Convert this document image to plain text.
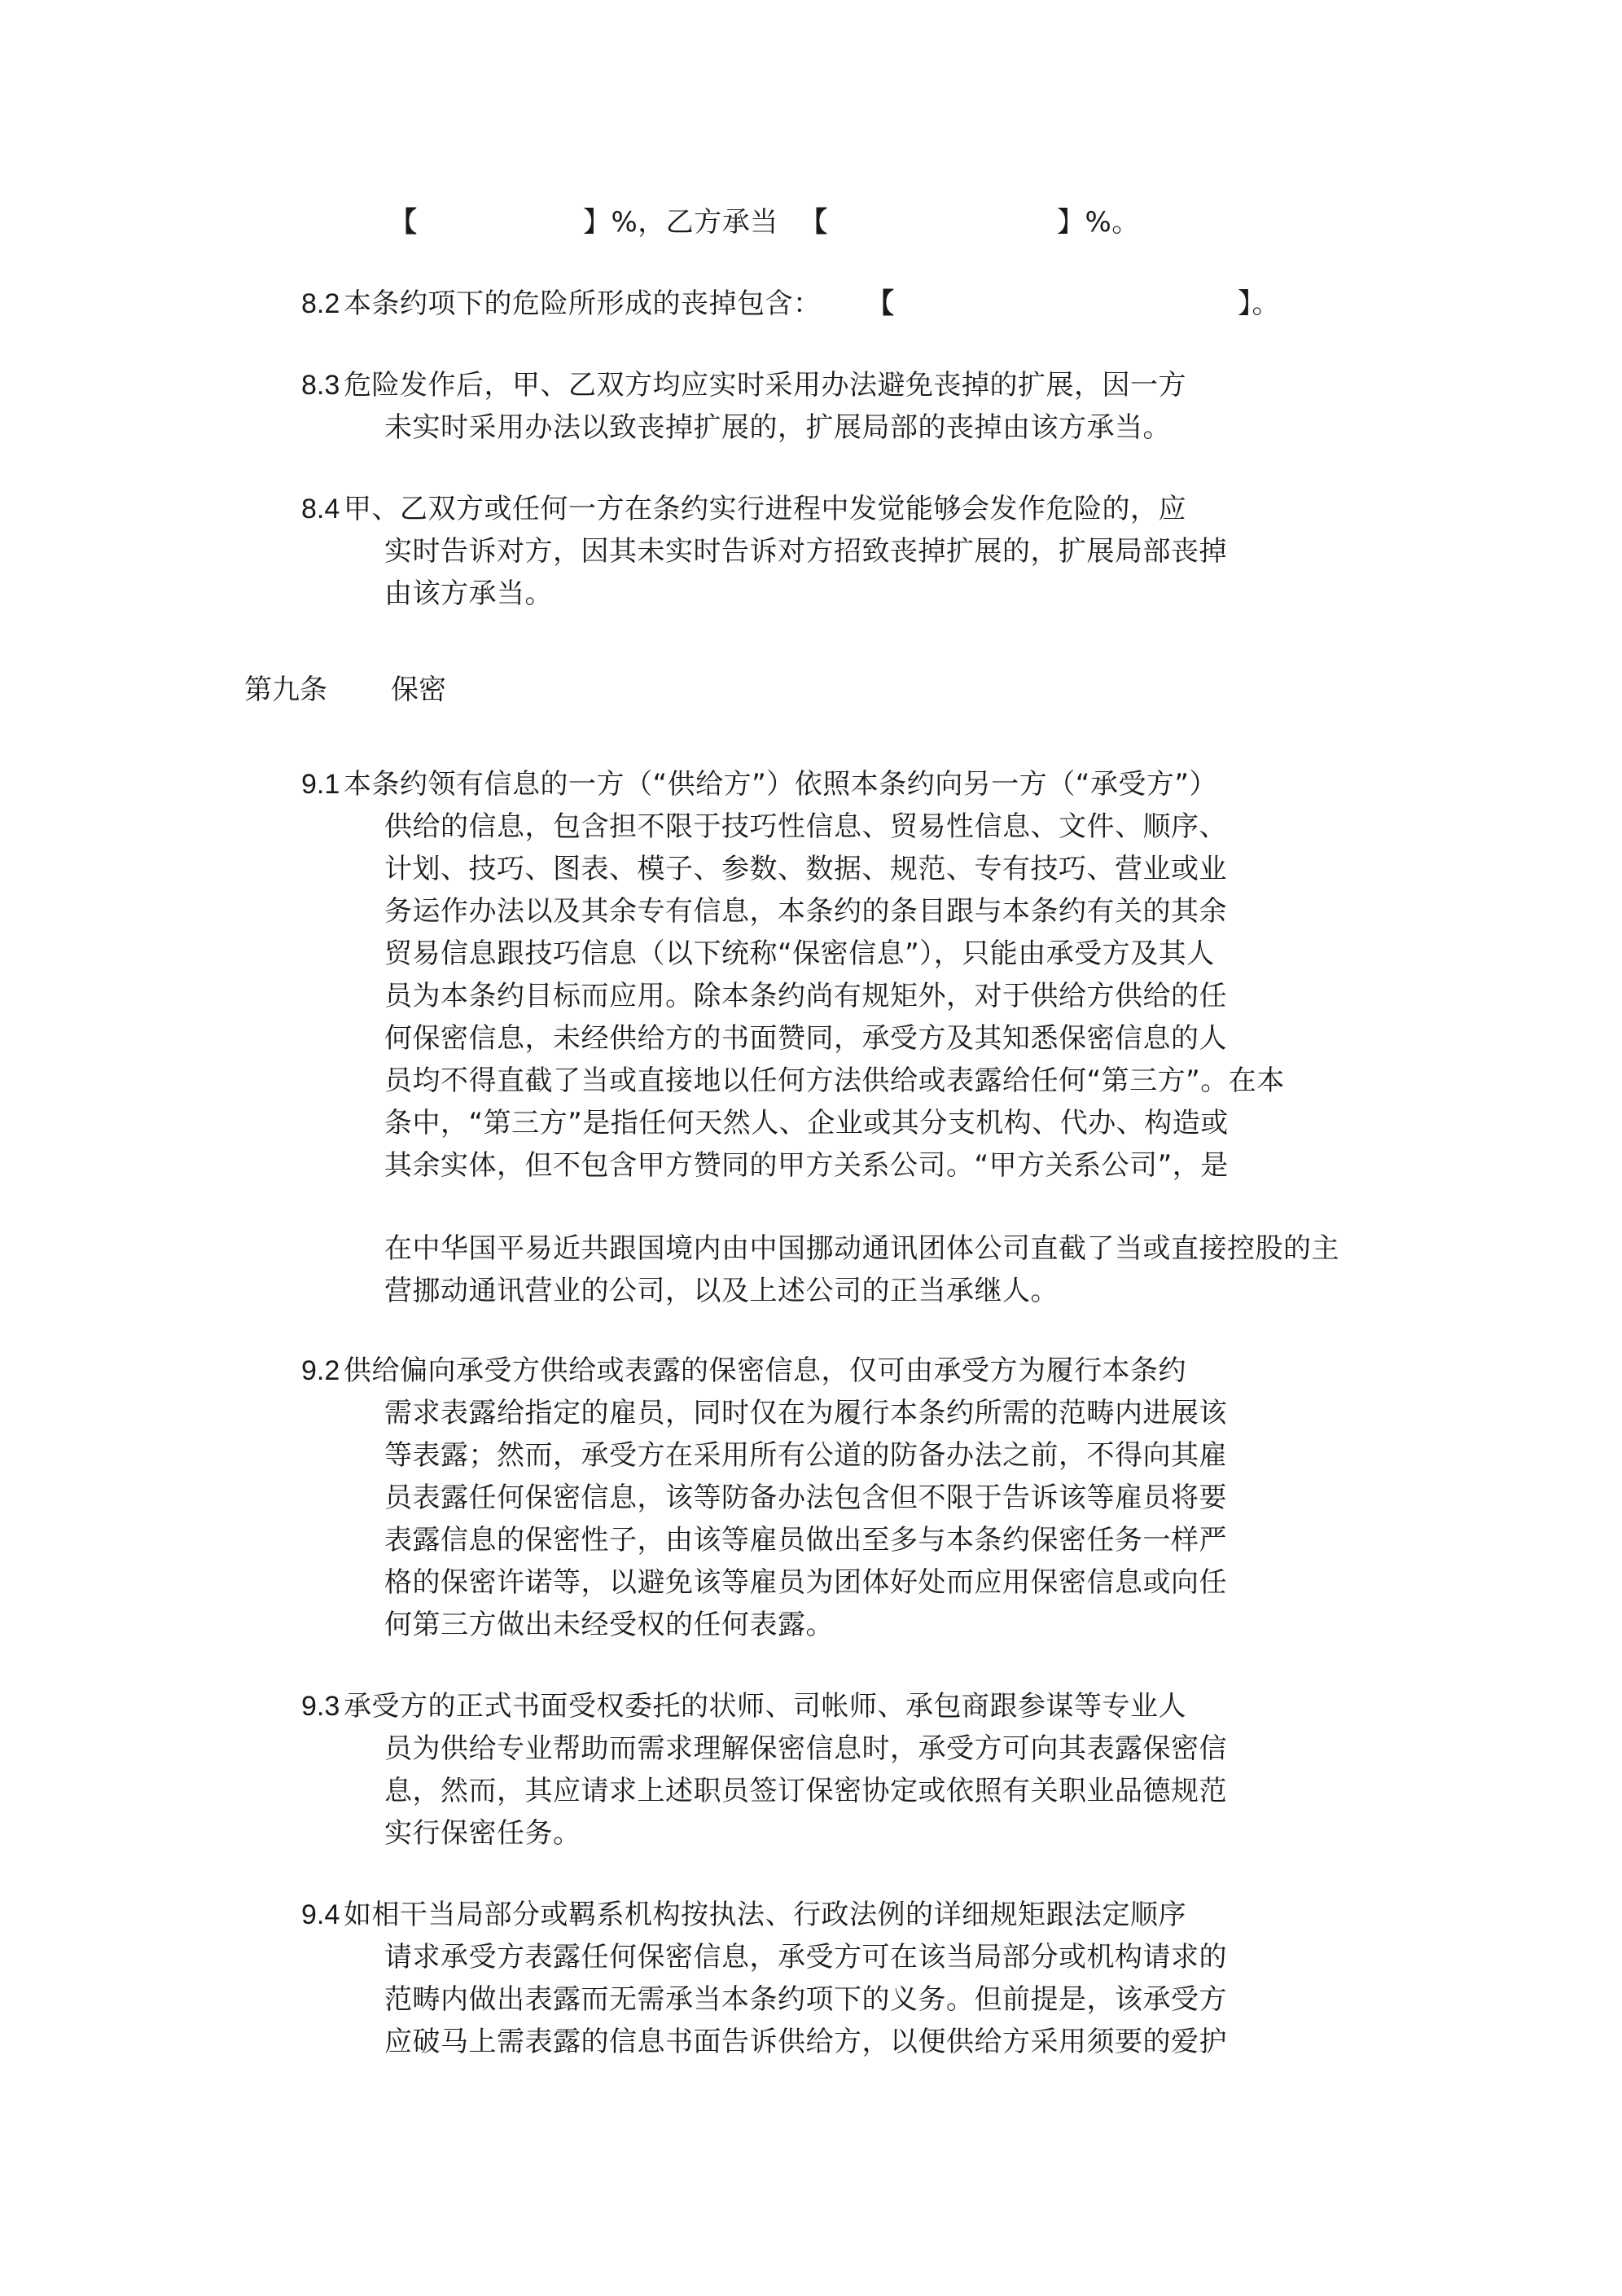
【	】%，乙方承当 【	】%。
8.2 本条约项下的危险所形成的丧掉包含： 【	】。
8.3 危险发作后，甲、乙双方均应实时采用办法避免丧掉的扩展，因一方
未实时采用办法以致丧掉扩展的，扩展局部的丧掉由该方承当。
8.4 甲、乙双方或任何一方在条约实行进程中发觉能够会发作危险的，应
实时告诉对方，因其未实时告诉对方招致丧掉扩展的，扩展局部丧掉
由该方承当。
第九条 保密
9.1 本条约领有信息的一方（“供给方”）依照本条约向另一方（“承受方”）
供给的信息，包含担不限于技巧性信息、贸易性信息、文件、顺序、
计划、技巧、图表、模子、参数、数据、规范、专有技巧、营业或业
务运作办法以及其余专有信息，本条约的条目跟与本条约有关的其余
贸易信息跟技巧信息（以下统称“保密信息”），只能由承受方及其人
员为本条约目标而应用。除本条约尚有规矩外，对于供给方供给的任
何保密信息，未经供给方的书面赞同，承受方及其知悉保密信息的人
员均不得直截了当或直接地以任何方法供给或表露给任何“第三方”。在本
条中，“第三方”是指任何天然人、企业或其分支机构、代办、构造或
其余实体，但不包含甲方赞同的甲方关系公司。“甲方关系公司”，是
在中华国平易近共跟国境内由中国挪动通讯团体公司直截了当或直接控股的主
营挪动通讯营业的公司，以及上述公司的正当承继人。
9.2 供给偏向承受方供给或表露的保密信息，仅可由承受方为履行本条约
需求表露给指定的雇员，同时仅在为履行本条约所需的范畴内进展该
等表露；然而，承受方在采用所有公道的防备办法之前，不得向其雇
员表露任何保密信息，该等防备办法包含但不限于告诉该等雇员将要
表露信息的保密性子，由该等雇员做出至多与本条约保密任务一样严
格的保密许诺等，以避免该等雇员为团体好处而应用保密信息或向任
何第三方做出未经受权的任何表露。
9.3 承受方的正式书面受权委托的状师、司帐师、承包商跟参谋等专业人
员为供给专业帮助而需求理解保密信息时，承受方可向其表露保密信
息，然而，其应请求上述职员签订保密协定或依照有关职业品德规范
实行保密任务。
9.4 如相干当局部分或羁系机构按执法、行政法例的详细规矩跟法定顺序
请求承受方表露任何保密信息，承受方可在该当局部分或机构请求的
范畴内做出表露而无需承当本条约项下的义务。但前提是，该承受方
应破马上需表露的信息书面告诉供给方，以便供给方采用须要的爱护
